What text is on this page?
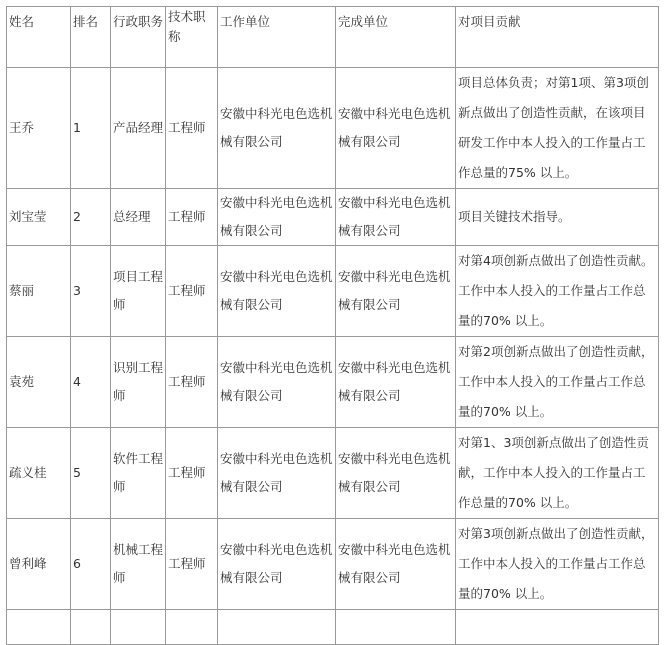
姓名	排名	行政职务	技术职称	工作单位	完成单位	对项目贡献
王乔	1	产品经理	工程师	安徽中科光电色选机械有限公司	安徽中科光电色选机械有限公司	项目总体负责；对第1项、第3项创新点做出了创造性贡献，在该项目研发工作中本人投入的工作量占工作总量的75% 以上。
刘宝莹	2	总经理	工程师	安徽中科光电色选机械有限公司	安徽中科光电色选机械有限公司	项目关键技术指导。
蔡丽	3	项目工程师	工程师	安徽中科光电色选机械有限公司	安徽中科光电色选机械有限公司	对第4项创新点做出了创造性贡献。工作中本人投入的工作量占工作总量的70% 以上。
袁苑	4	识别工程师	工程师	安徽中科光电色选机械有限公司	安徽中科光电色选机械有限公司	对第2项创新点做出了创造性贡献，工作中本人投入的工作量占工作总量的70% 以上。
疏义桂	5	软件工程师	工程师	安徽中科光电色选机械有限公司	安徽中科光电色选机械有限公司	对第1、3项创新点做出了创造性贡献，工作中本人投入的工作量占工作总量的70% 以上。
曾利峰	6	机械工程师	工程师	安徽中科光电色选机械有限公司	安徽中科光电色选机械有限公司	对第3项创新点做出了创造性贡献，工作中本人投入的工作量占工作总量的70% 以上。
